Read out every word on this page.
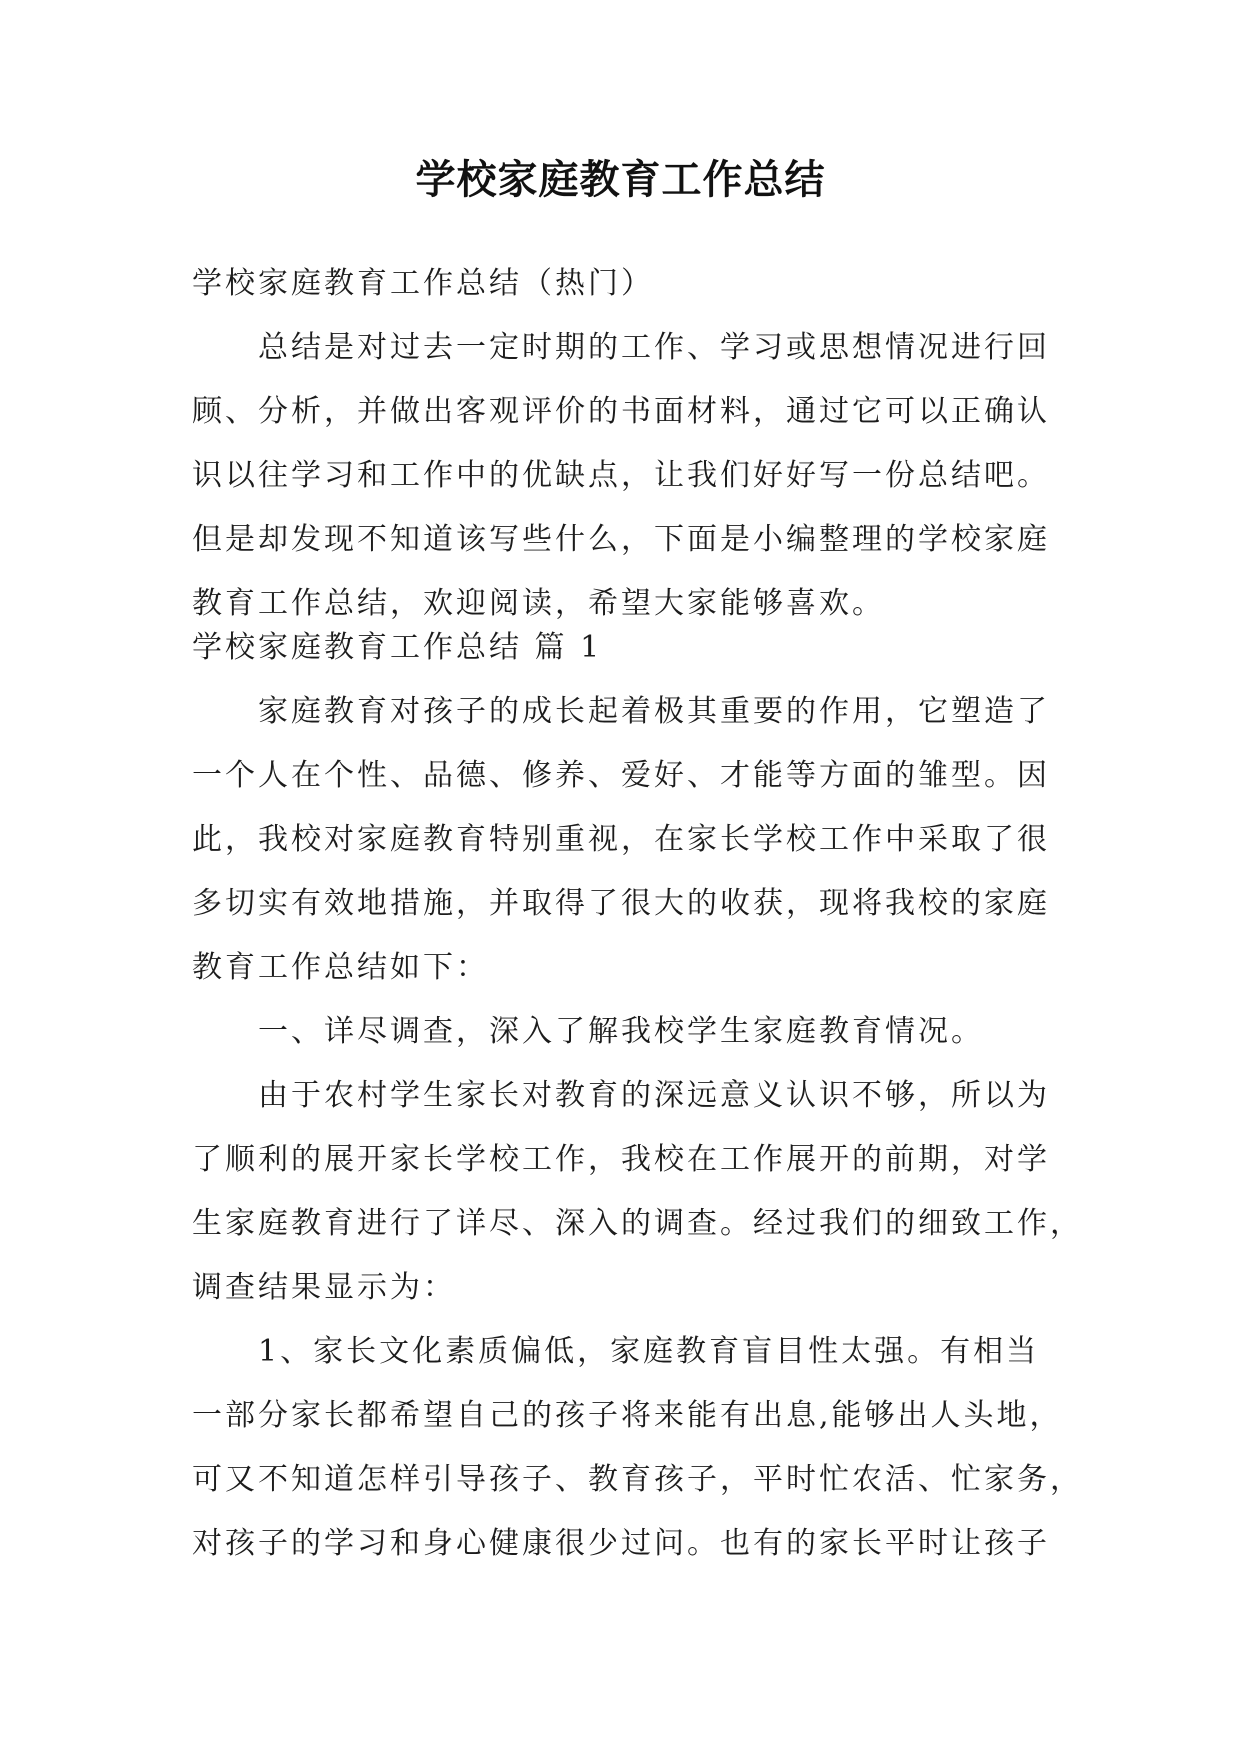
学校家庭教育工作总结
学校家庭教育工作总结（热门）
总结是对过去一定时期的工作、学习或思想情况进行回
顾、分析，并做出客观评价的书面材料，通过它可以正确认
识以往学习和工作中的优缺点，让我们好好写一份总结吧。
但是却发现不知道该写些什么，下面是小编整理的学校家庭
教育工作总结，欢迎阅读，希望大家能够喜欢。
学校家庭教育工作总结 篇 1
家庭教育对孩子的成长起着极其重要的作用，它塑造了
一个人在个性、品德、修养、爱好、才能等方面的雏型。因
此，我校对家庭教育特别重视，在家长学校工作中采取了很
多切实有效地措施，并取得了很大的收获，现将我校的家庭
教育工作总结如下：
一、详尽调查，深入了解我校学生家庭教育情况。
由于农村学生家长对教育的深远意义认识不够，所以为
了顺利的展开家长学校工作，我校在工作展开的前期，对学
生家庭教育进行了详尽、深入的调查。经过我们的细致工作，
调查结果显示为：
1、家长文化素质偏低，家庭教育盲目性太强。有相当
一部分家长都希望自己的孩子将来能有出息,能够出人头地，
可又不知道怎样引导孩子、教育孩子，平时忙农活、忙家务，
对孩子的学习和身心健康很少过问。也有的家长平时让孩子
